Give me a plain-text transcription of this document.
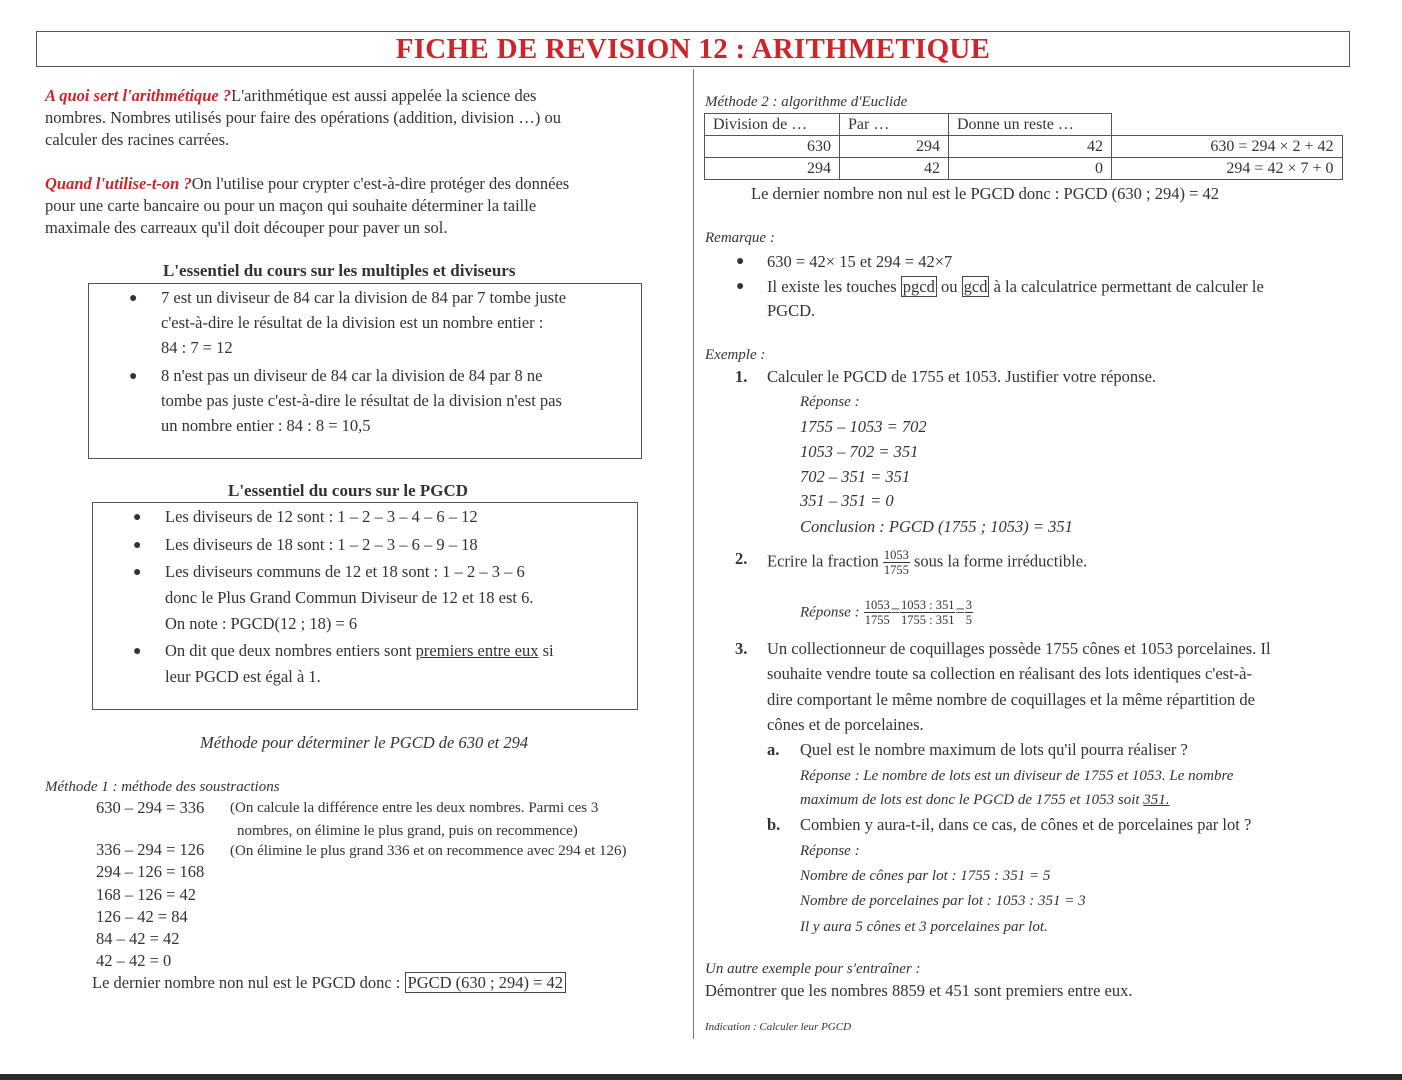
FICHE DE REVISION 12 : ARITHMETIQUE
A quoi sert l'arithmétique ?L'arithmétique est aussi appelée la science des
nombres. Nombres utilisés pour faire des opérations (addition, division …) ou
calculer des racines carrées.
Quand l'utilise-t-on ?On l'utilise pour crypter c'est-à-dire protéger des données
pour une carte bancaire ou pour un maçon qui souhaite déterminer la taille
maximale des carreaux qu'il doit découper pour paver un sol.
L'essentiel du cours sur les multiples et diviseurs
● 7 est un diviseur de 84 car la division de 84 par 7 tombe juste
c'est-à-dire le résultat de la division est un nombre entier :
84 : 7 = 12
● 8 n'est pas un diviseur de 84 car la division de 84 par 8 ne
tombe pas juste c'est-à-dire le résultat de la division n'est pas
un nombre entier : 84 : 8 = 10,5
L'essentiel du cours sur le PGCD
● Les diviseurs de 12 sont : 1 – 2 – 3 – 4 – 6 – 12
● Les diviseurs de 18 sont : 1 – 2 – 3 – 6 – 9 – 18
● Les diviseurs communs de 12 et 18 sont : 1 – 2 – 3 – 6
donc le Plus Grand Commun Diviseur de 12 et 18 est 6.
On note : PGCD(12 ; 18) = 6
● On dit que deux nombres entiers sont premiers entre eux si
leur PGCD est égal à 1.
Méthode pour déterminer le PGCD de 630 et 294
Méthode 1 : méthode des soustractions
630 – 294 = 336 (On calcule la différence entre les deux nombres. Parmi ces 3
nombres, on élimine le plus grand, puis on recommence)
336 – 294 = 126 (On élimine le plus grand 336 et on recommence avec 294 et 126)
294 – 126 = 168
168 – 126 = 42
126 – 42 = 84
84 – 42 = 42
42 – 42 = 0
Le dernier nombre non nul est le PGCD donc : PGCD (630 ; 294) = 42
Méthode 2 : algorithme d'Euclide
Division de …	Par …	Donne un reste …	
630	294	42	630 = 294 × 2 + 42
294	42	0	294 = 42 × 7 + 0
Le dernier nombre non nul est le PGCD donc : PGCD (630 ; 294) = 42
Remarque :
● 630 = 42× 15 et 294 = 42×7
● Il existe les touches pgcd ou gcd à la calculatrice permettant de calculer le
PGCD.
Exemple :
1. Calculer le PGCD de 1755 et 1053. Justifier votre réponse.
Réponse :
1755 – 1053 = 702
1053 – 702 = 351
702 – 351 = 351
351 – 351 = 0
Conclusion : PGCD (1755 ; 1053) = 351
2. Ecrire la fraction $\frac{1053}{1755}$ sous la forme irréductible.
Réponse : $\frac{1053}{1755} = \frac{1053 : 351}{1755 : 351} = \frac{3}{5}$
3. Un collectionneur de coquillages possède 1755 cônes et 1053 porcelaines. Il
souhaite vendre toute sa collection en réalisant des lots identiques c'est-à-
dire comportant le même nombre de coquillages et la même répartition de
cônes et de porcelaines.
a. Quel est le nombre maximum de lots qu'il pourra réaliser ?
Réponse : Le nombre de lots est un diviseur de 1755 et 1053. Le nombre
maximum de lots est donc le PGCD de 1755 et 1053 soit 351.
b. Combien y aura-t-il, dans ce cas, de cônes et de porcelaines par lot ?
Réponse :
Nombre de cônes par lot : 1755 : 351 = 5
Nombre de porcelaines par lot : 1053 : 351 = 3
Il y aura 5 cônes et 3 porcelaines par lot.
Un autre exemple pour s'entraîner :
Démontrer que les nombres 8859 et 451 sont premiers entre eux.
Indication : Calculer leur PGCD
